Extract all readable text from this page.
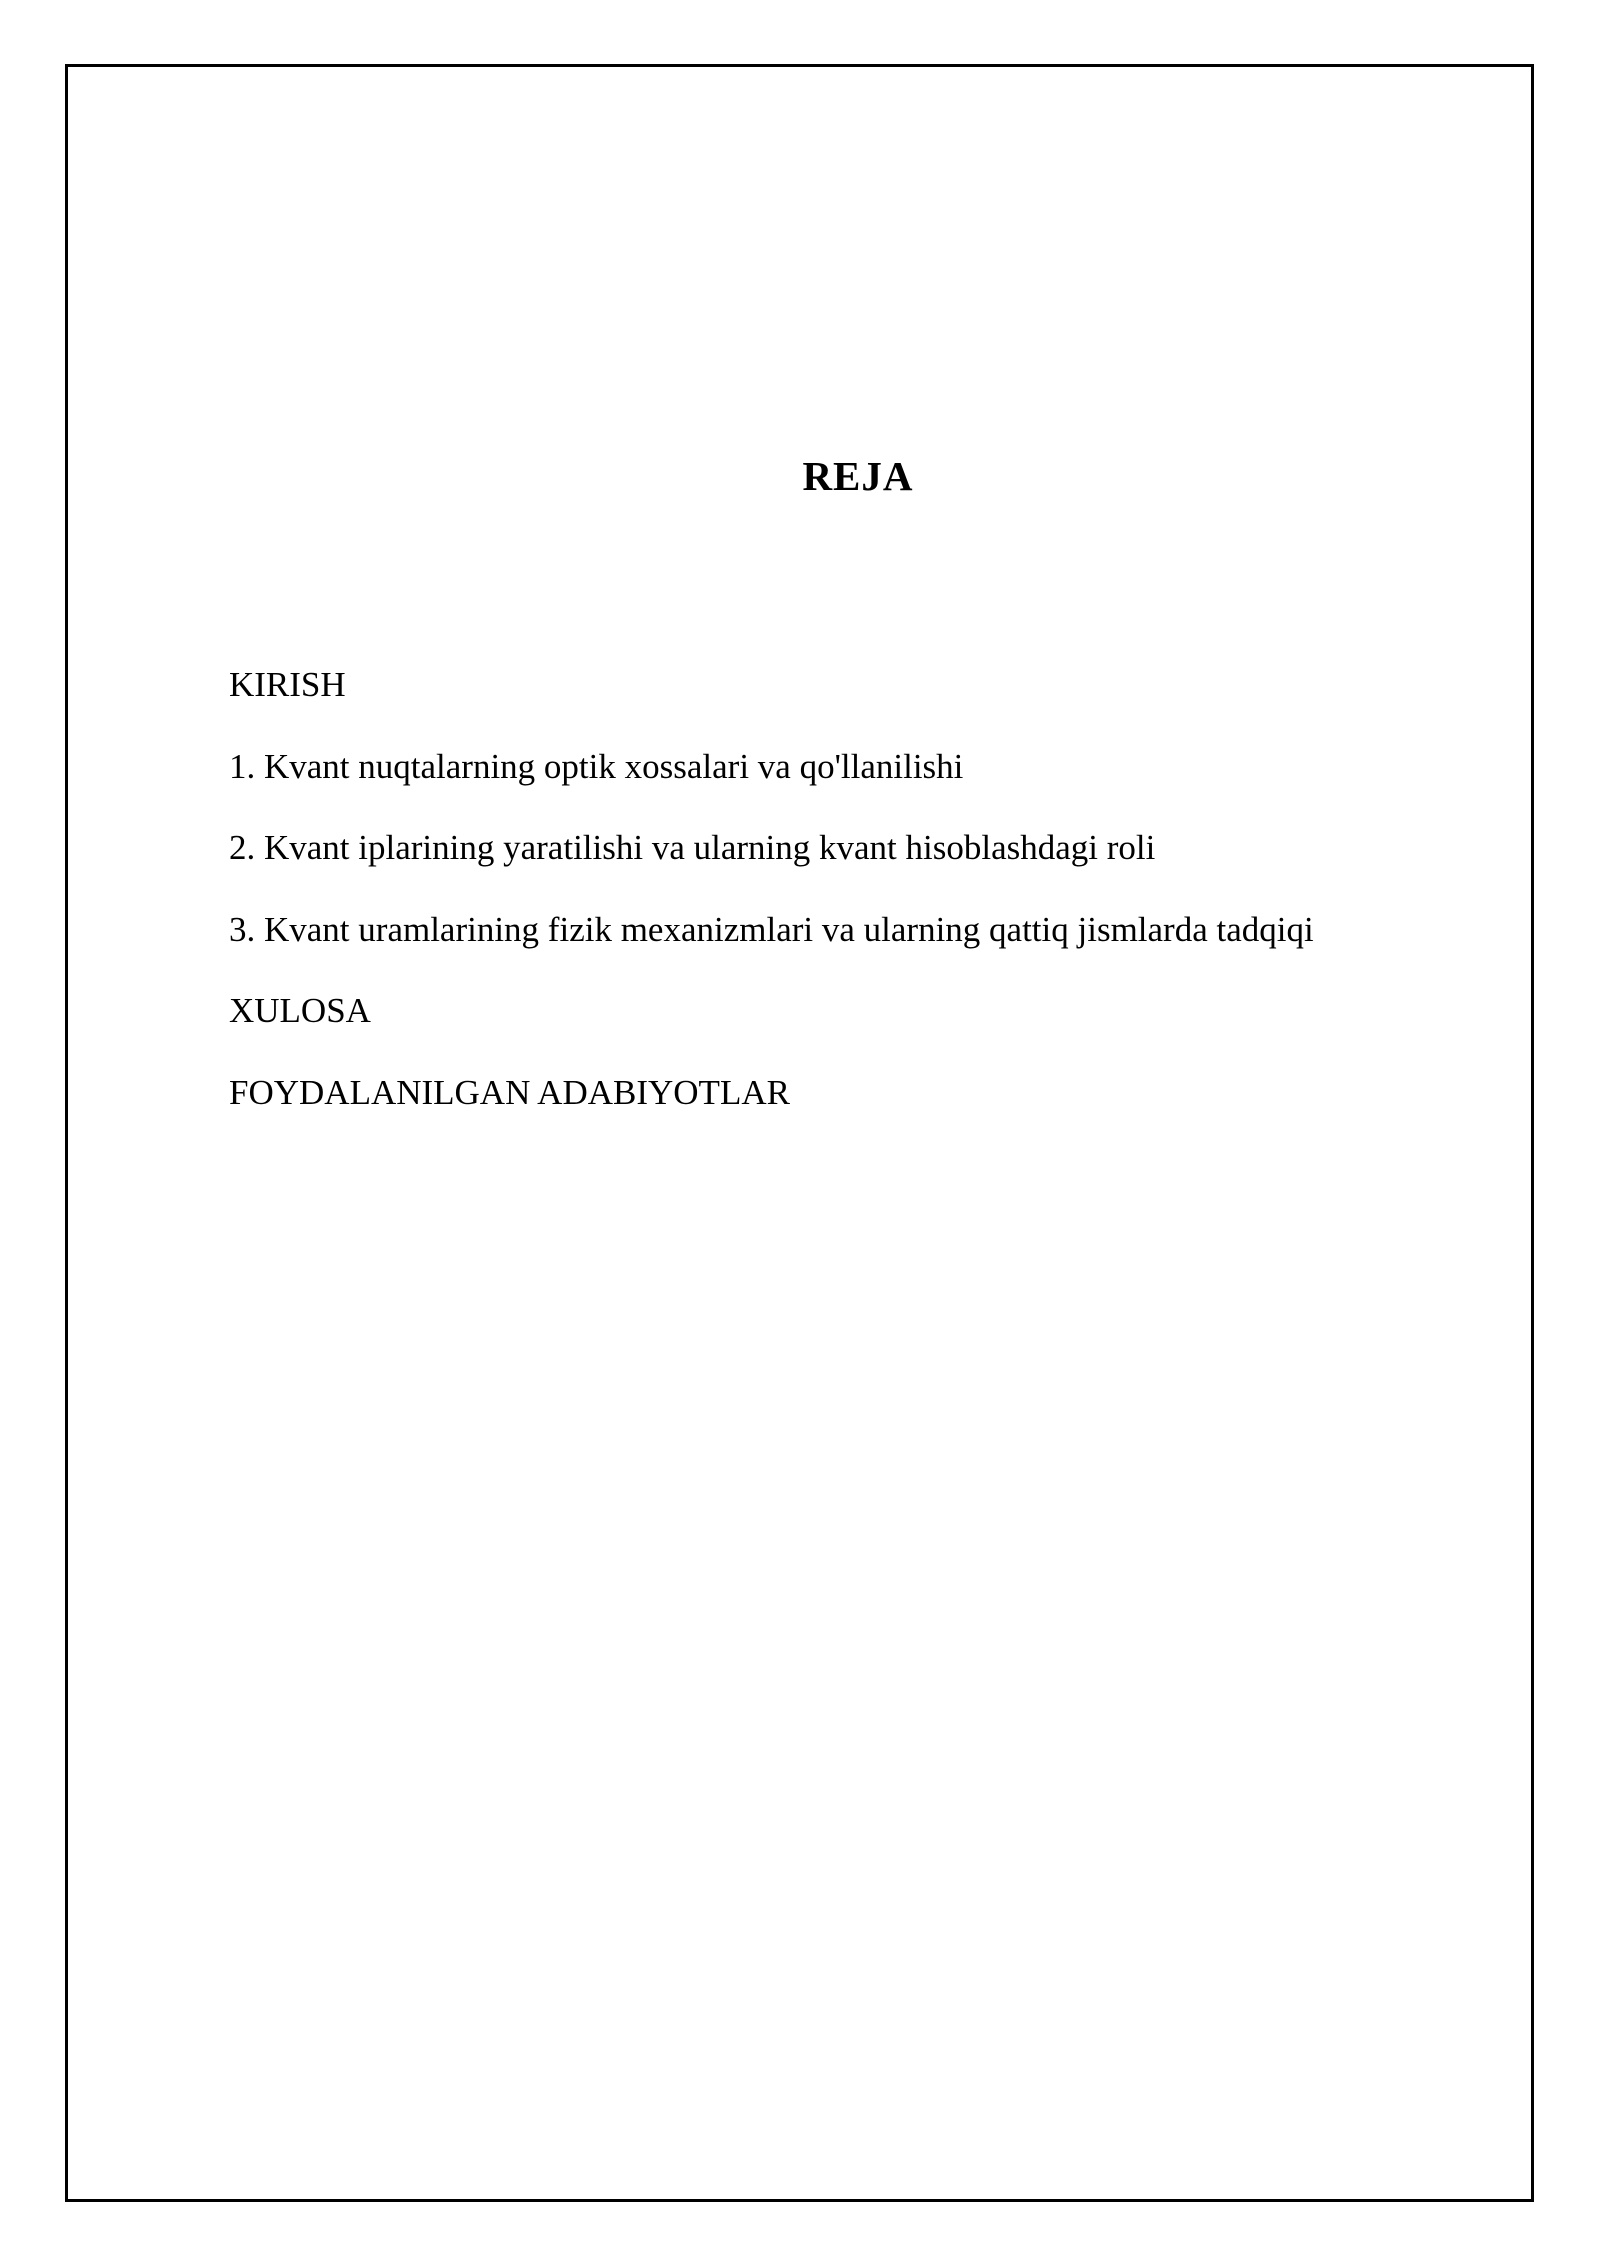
REJA
KIRISH
1. Kvant nuqtalarning optik xossalari va qo'llanilishi
2. Kvant iplarining yaratilishi va ularning kvant hisoblashdagi roli
3. Kvant uramlarining fizik mexanizmlari va ularning qattiq jismlarda tadqiqi
XULOSA
FOYDALANILGAN ADABIYOTLAR
